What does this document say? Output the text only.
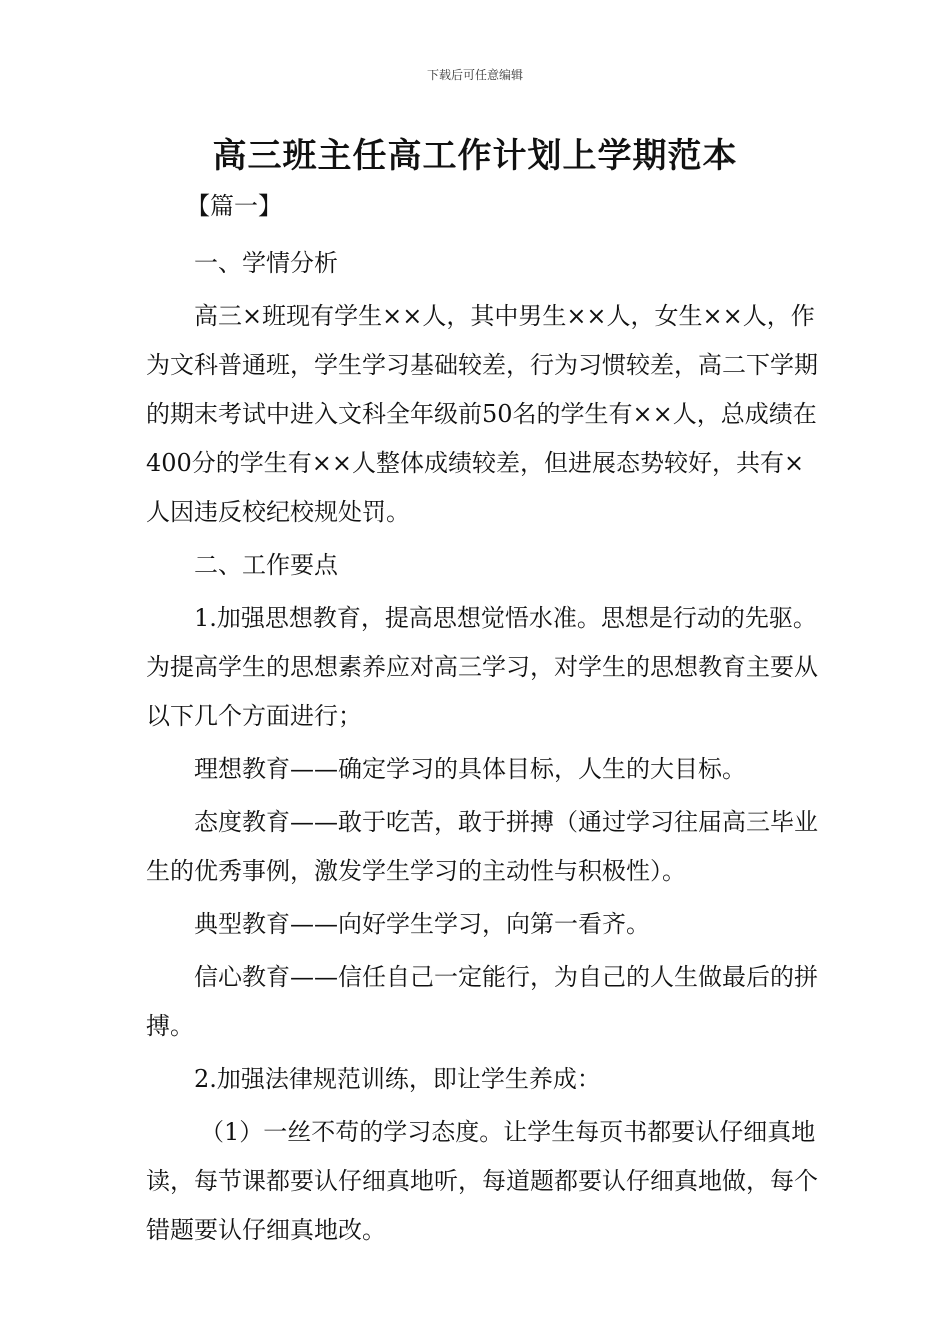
下载后可任意编辑
高三班主任高工作计划上学期范本

【篇一】

一、学情分析

高三×班现有学生××人，其中男生××人，女生××人，作为文科普通班，学生学习基础较差，行为习惯较差，高二下学期的期末考试中进入文科全年级前50名的学生有××人，总成绩在400分的学生有××人整体成绩较差，但进展态势较好，共有×人因违反校纪校规处罚。

二、工作要点

1.加强思想教育，提高思想觉悟水准。思想是行动的先驱。为提高学生的思想素养应对高三学习，对学生的思想教育主要从以下几个方面进行；

理想教育——确定学习的具体目标，人生的大目标。

态度教育——敢于吃苦，敢于拼搏（通过学习往届高三毕业生的优秀事例，激发学生学习的主动性与积极性）。

典型教育——向好学生学习，向第一看齐。

信心教育——信任自己一定能行，为自己的人生做最后的拼搏。

2.加强法律规范训练，即让学生养成：

（1）一丝不苟的学习态度。让学生每页书都要认仔细真地读，每节课都要认仔细真地听，每道题都要认仔细真地做，每个错题要认仔细真地改。
